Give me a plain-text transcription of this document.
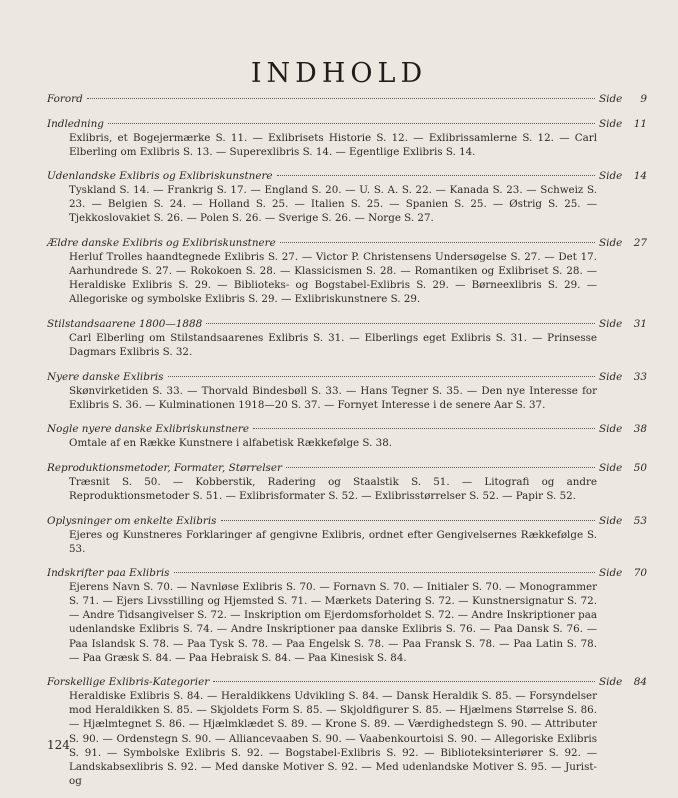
INDHOLD
Forord	Side	9
Indledning	Side	11
Exlibris, et Bogejermærke S. 11. — Exlibrisets Historie S. 12. — Exlibrissamlerne S. 12. — Carl Elberling om Exlibris S. 13. — Superexlibris S. 14. — Egentlige Exlibris S. 14.
Udenlandske Exlibris og Exlibriskunstnere	Side	14
Tyskland S. 14. — Frankrig S. 17. — England S. 20. — U. S. A. S. 22. — Kanada S. 23. — Schweiz S. 23. — Belgien S. 24. — Holland S. 25. — Italien S. 25. — Spanien S. 25. — Østrig S. 25. — Tjekkoslovakiet S. 26. — Polen S. 26. — Sverige S. 26. — Norge S. 27.
Ældre danske Exlibris og Exlibriskunstnere	Side	27
Herluf Trolles haandtegnede Exlibris S. 27. — Victor P. Christensens Undersøgelse S. 27. — Det 17. Aarhundrede S. 27. — Rokokoen S. 28. — Klassicismen S. 28. — Romantiken og Exlibriset S. 28. — Heraldiske Exlibris S. 29. — Biblioteks- og Bogstabel-Exlibris S. 29. — Børneexlibris S. 29. — Allegoriske og symbolske Exlibris S. 29. — Exlibriskunstnere S. 29.
Stilstandsaarene 1800—1888	Side	31
Carl Elberling om Stilstandsaarenes Exlibris S. 31. — Elberlings eget Exlibris S. 31. — Prinsesse Dagmars Exlibris S. 32.
Nyere danske Exlibris	Side	33
Skønvirketiden S. 33. — Thorvald Bindesbøll S. 33. — Hans Tegner S. 35. — Den nye Interesse for Exlibris S. 36. — Kulminationen 1918—20 S. 37. — Fornyet Interesse i de senere Aar S. 37.
Nogle nyere danske Exlibriskunstnere	Side	38
Omtale af en Række Kunstnere i alfabetisk Rækkefølge S. 38.
Reproduktionsmetoder, Formater, Størrelser	Side	50
Træsnit S. 50. — Kobberstik, Radering og Staalstik S. 51. — Litografi og andre Reproduktionsmetoder S. 51. — Exlibrisformater S. 52. — Exlibrisstørrelser S. 52. — Papir S. 52.
Oplysninger om enkelte Exlibris	Side	53
Ejeres og Kunstneres Forklaringer af gengivne Exlibris, ordnet efter Gengivelsernes Rækkefølge S. 53.
Indskrifter paa Exlibris	Side	70
Ejerens Navn S. 70. — Navnløse Exlibris S. 70. — Fornavn S. 70. — Initialer S. 70. — Monogrammer S. 71. — Ejers Livsstilling og Hjemsted S. 71. — Mærkets Datering S. 72. — Kunstnersignatur S. 72. — Andre Tidsangivelser S. 72. — Inskription om Ejerdomsforholdet S. 72. — Andre Inskriptioner paa udenlandske Exlibris S. 74. — Andre Inskriptioner paa danske Exlibris S. 76. — Paa Dansk S. 76. — Paa Islandsk S. 78. — Paa Tysk S. 78. — Paa Engelsk S. 78. — Paa Fransk S. 78. — Paa Latin S. 78. — Paa Græsk S. 84. — Paa Hebraisk S. 84. — Paa Kinesisk S. 84.
Forskellige Exlibris-Kategorier	Side	84
Heraldiske Exlibris S. 84. — Heraldikkens Udvikling S. 84. — Dansk Heraldik S. 85. — Forsyndelser mod Heraldikken S. 85. — Skjoldets Form S. 85. — Skjoldfigurer S. 85. — Hjælmens Størrelse S. 86. — Hjælmtegnet S. 86. — Hjælmklædet S. 89. — Krone S. 89. — Værdighedstegn S. 90. — Attributer S. 90. — Ordenstegn S. 90. — Alliancevaaben S. 90. — Vaabenkourtoisi S. 90. — Allegoriske Exlibris S. 91. — Symbolske Exlibris S. 92. — Bogstabel-Exlibris S. 92. — Biblioteksinteriører S. 92. — Landskabsexlibris S. 92. — Med danske Motiver S. 92. — Med udenlandske Motiver S. 95. — Jurist- og
124
